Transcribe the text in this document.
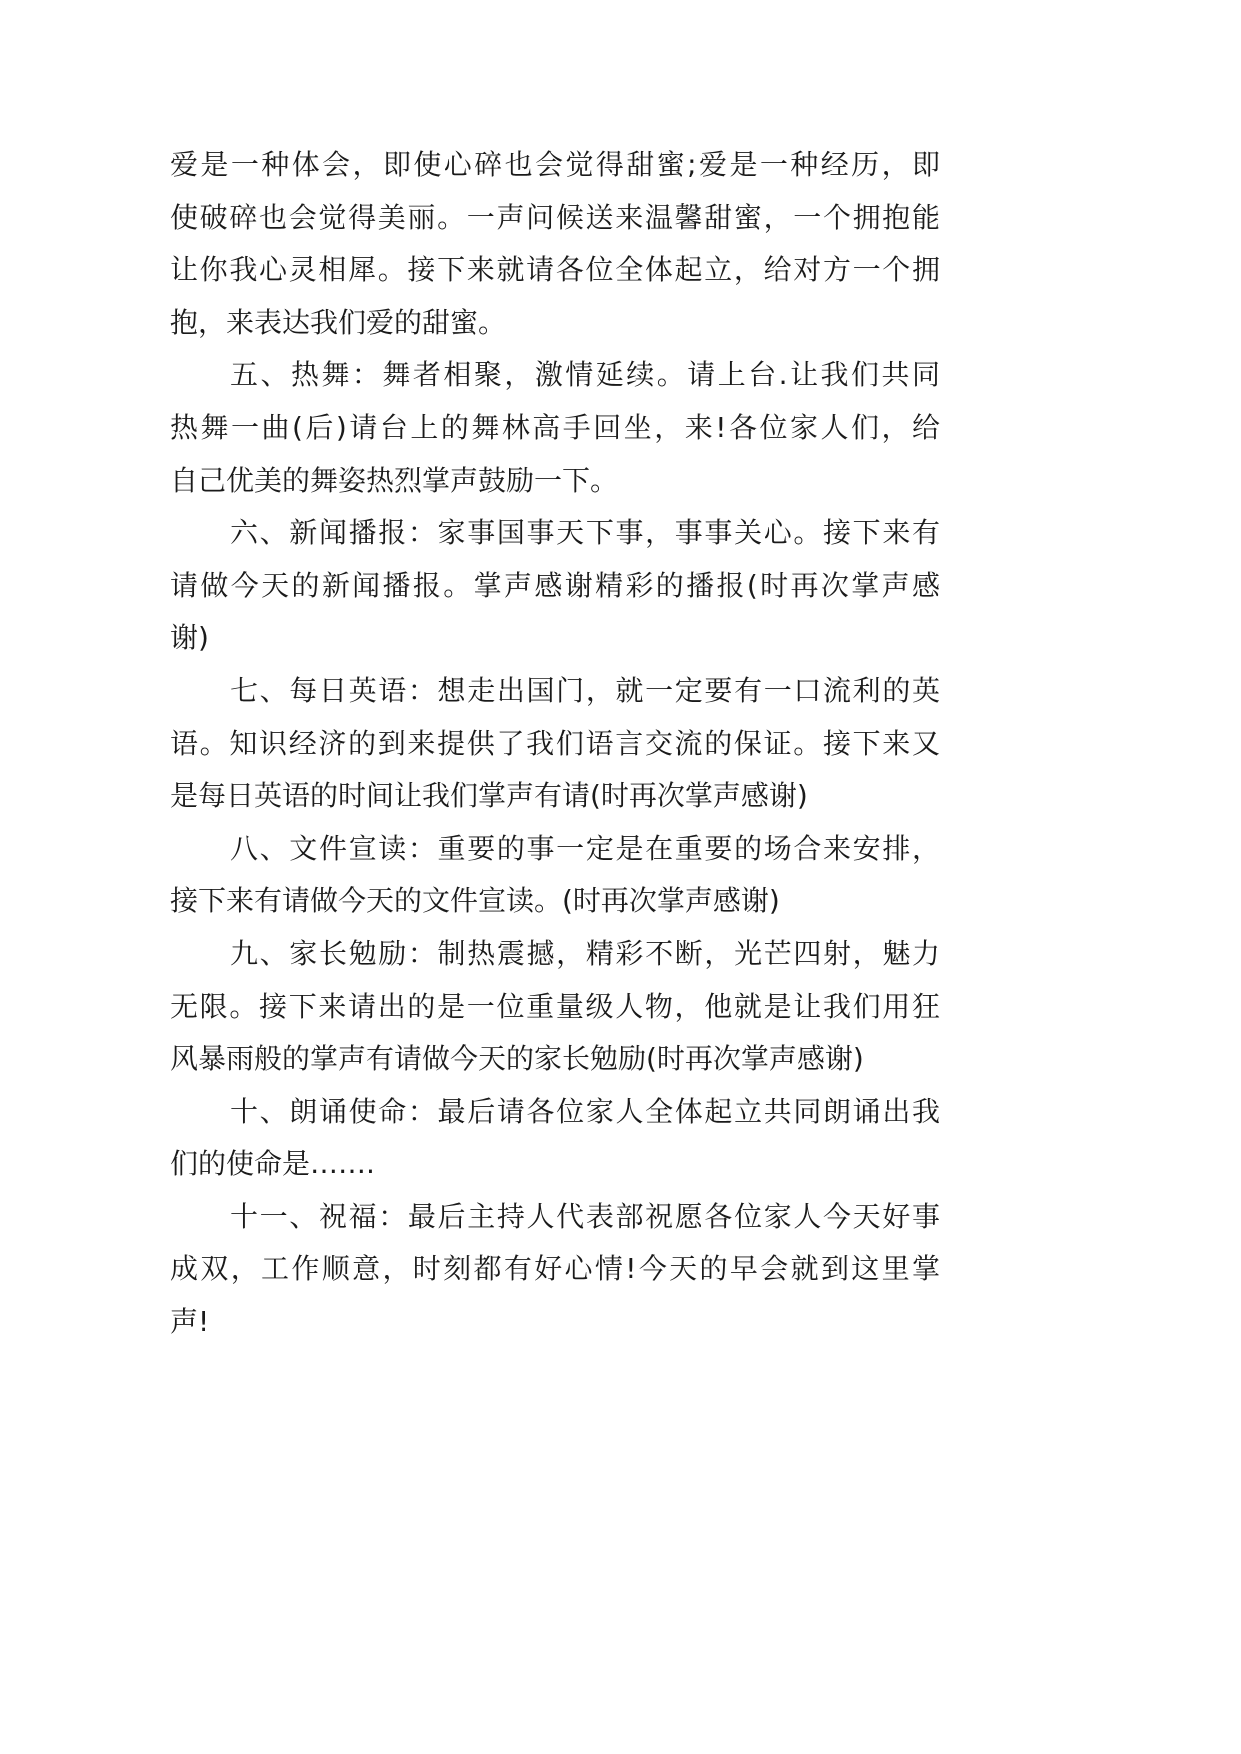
爱是一种体会，即使心碎也会觉得甜蜜;爱是一种经历，即
使破碎也会觉得美丽。一声问候送来温馨甜蜜，一个拥抱能
让你我心灵相犀。接下来就请各位全体起立，给对方一个拥
抱，来表达我们爱的甜蜜。
五、热舞：舞者相聚，激情延续。请上台.让我们共同
热舞一曲(后)请台上的舞林高手回坐，来!各位家人们，给
自己优美的舞姿热烈掌声鼓励一下。
六、新闻播报：家事国事天下事，事事关心。接下来有
请做今天的新闻播报。掌声感谢精彩的播报(时再次掌声感
谢)
七、每日英语：想走出国门，就一定要有一口流利的英
语。知识经济的到来提供了我们语言交流的保证。接下来又
是每日英语的时间让我们掌声有请(时再次掌声感谢)
八、文件宣读：重要的事一定是在重要的场合来安排，
接下来有请做今天的文件宣读。(时再次掌声感谢)
九、家长勉励：制热震撼，精彩不断，光芒四射，魅力
无限。接下来请出的是一位重量级人物，他就是让我们用狂
风暴雨般的掌声有请做今天的家长勉励(时再次掌声感谢)
十、朗诵使命：最后请各位家人全体起立共同朗诵出我
们的使命是…….
十一、祝福：最后主持人代表部祝愿各位家人今天好事
成双，工作顺意，时刻都有好心情!今天的早会就到这里掌
声!
